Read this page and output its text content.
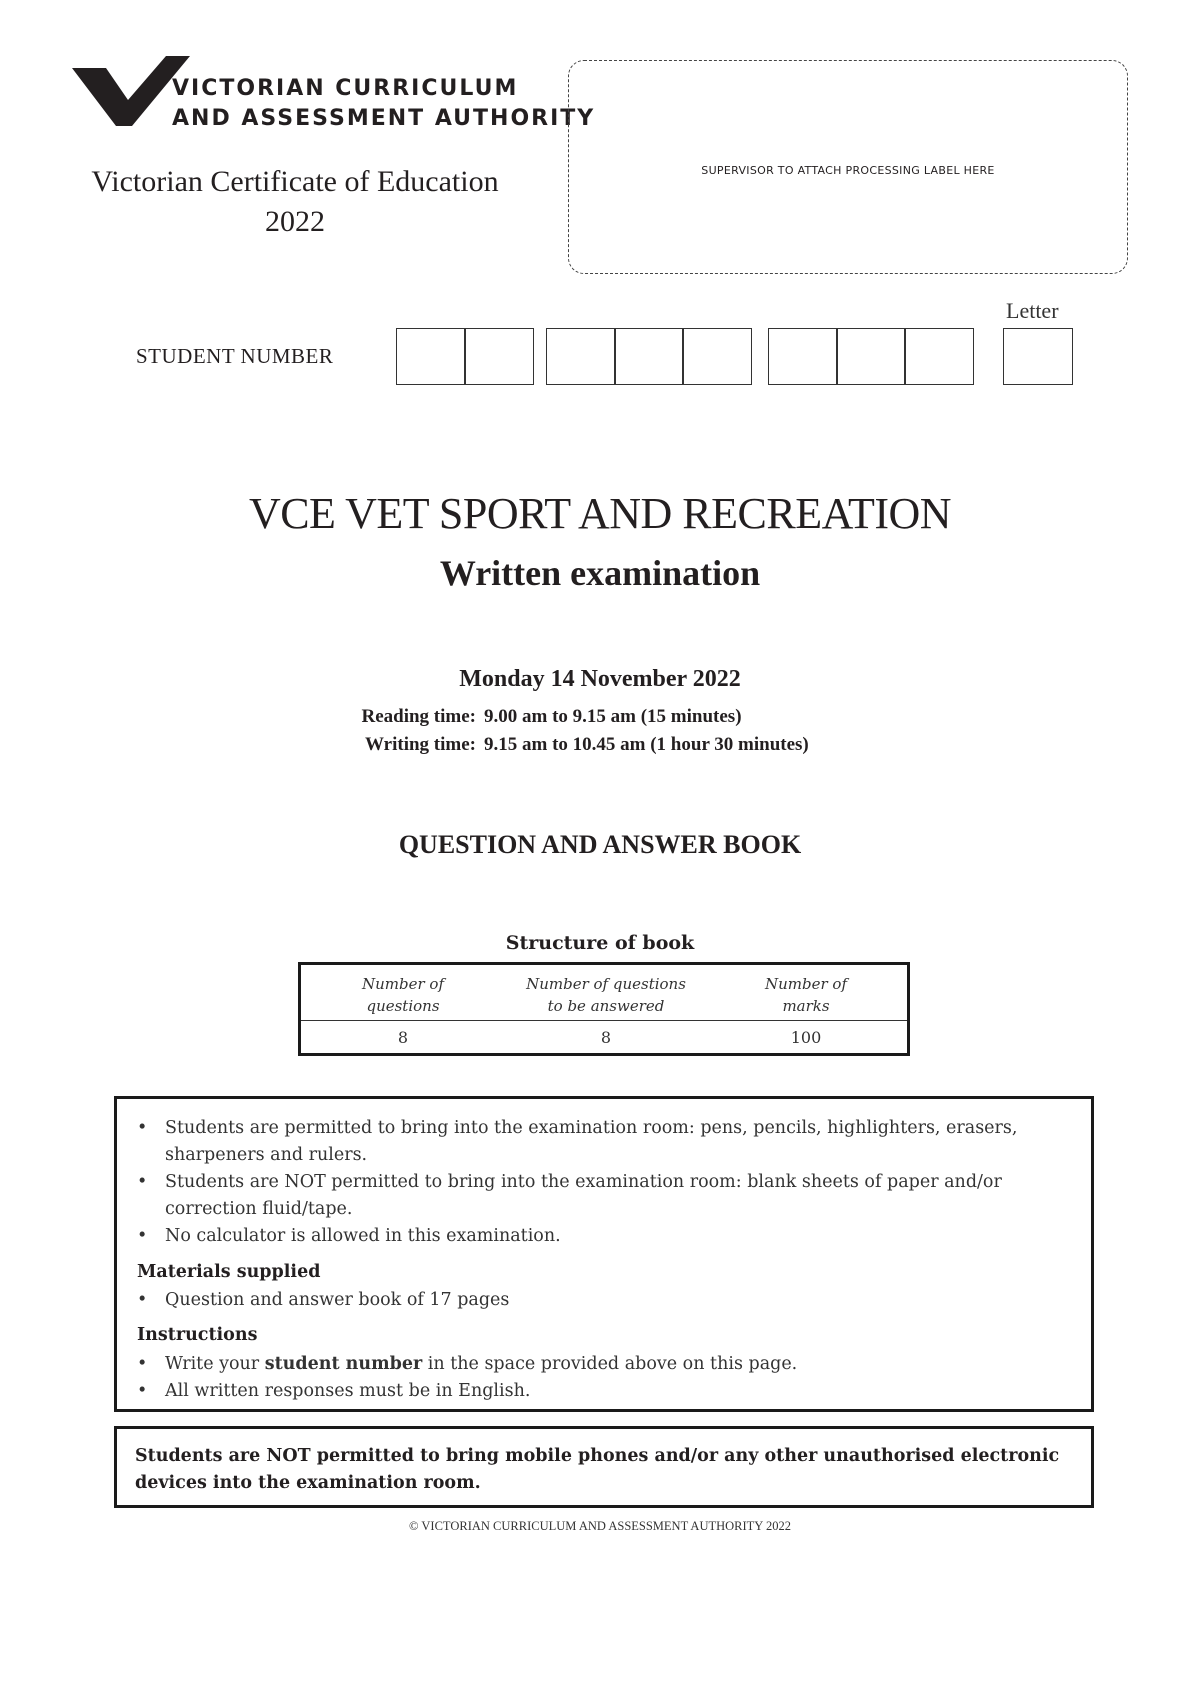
VICTORIAN CURRICULUM
AND ASSESSMENT AUTHORITY
Victorian Certificate of Education
2022
SUPERVISOR TO ATTACH PROCESSING LABEL HERE
STUDENT NUMBER
Letter
VCE VET SPORT AND RECREATION
Written examination
Monday 14 November 2022
Reading time: 9.00 am to 9.15 am (15 minutes)
Writing time: 9.15 am to 10.45 am (1 hour 30 minutes)
QUESTION AND ANSWER BOOK
Structure of book
Number of
questions
Number of questions
to be answered
Number of
marks
8	8	100
• Students are permitted to bring into the examination room: pens, pencils, highlighters, erasers, sharpeners and rulers.
• Students are NOT permitted to bring into the examination room: blank sheets of paper and/or correction fluid/tape.
• No calculator is allowed in this examination.
Materials supplied
• Question and answer book of 17 pages
Instructions
• Write your student number in the space provided above on this page.
• All written responses must be in English.
Students are NOT permitted to bring mobile phones and/or any other unauthorised electronic devices into the examination room.
© VICTORIAN CURRICULUM AND ASSESSMENT AUTHORITY 2022
